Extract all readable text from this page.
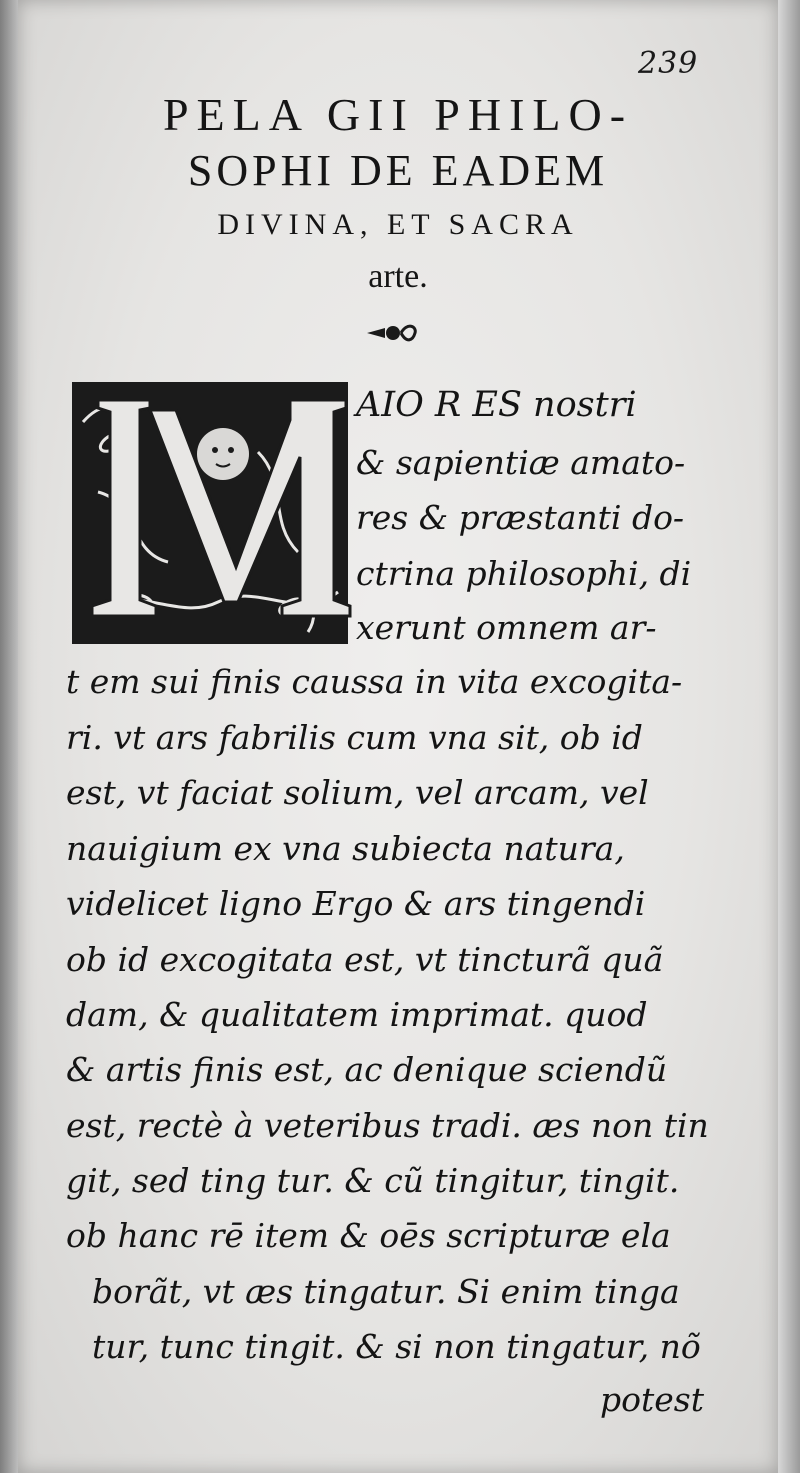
239
PELA GII PHILO-
SOPHI DE EADEM
DIVINA, ET SACRA
arte.
AIO R ES nostri
& sapientiæ amato-
res & præstanti do-
ctrina philosophi, di
xerunt omnem ar-
t em sui finis caussa in vita excogita-
ri. vt ars fabrilis cum vna sit, ob id
est, vt faciat solium, vel arcam, vel
nauigium ex vna subiecta natura,
videlicet ligno Ergo & ars tingendi
ob id excogitata est, vt tincturã quã
dam, & qualitatem imprimat. quod
& artis finis est, ac denique sciendũ
est, rectè à veteribus tradi. æs non tin
git, sed ting tur. & cũ tingitur, tingit.
ob hanc rē item & oēs scripturæ ela
borãt, vt æs tingatur. Si enim tinga
tur, tunc tingit. & si non tingatur, nõ
potest
